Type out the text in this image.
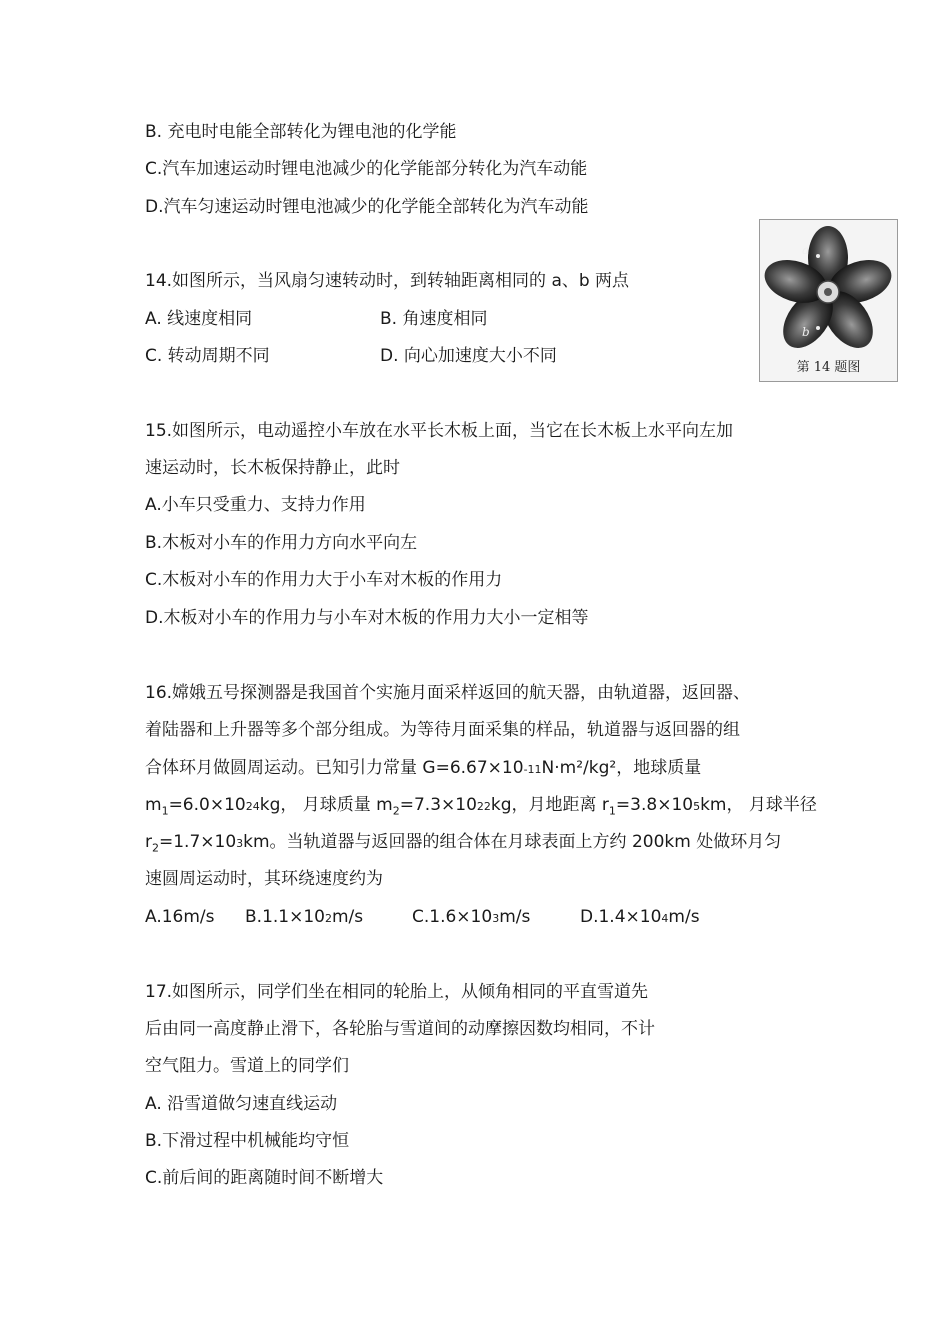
B. 充电时电能全部转化为锂电池的化学能
C.汽车加速运动时锂电池减少的化学能部分转化为汽车动能
D.汽车匀速运动时锂电池减少的化学能全部转化为汽车动能
14.如图所示，当风扇匀速转动时，到转轴距离相同的 a、b 两点
A. 线速度相同	B. 角速度相同
C. 转动周期不同	D. 向心加速度大小不同
a
b
第 14 题图
15.如图所示，电动遥控小车放在水平长木板上面，当它在长木板上水平向左加
速运动时，长木板保持静止，此时
A.小车只受重力、支持力作用
B.木板对小车的作用力方向水平向左
C.木板对小车的作用力大于小车对木板的作用力
D.木板对小车的作用力与小车对木板的作用力大小一定相等
16.嫦娥五号探测器是我国首个实施月面采样返回的航天器，由轨道器，返回器、
着陆器和上升器等多个部分组成。为等待月面采集的样品，轨道器与返回器的组
合体环月做圆周运动。已知引力常量 G=6.67×10-11N·m²/kg²，地球质量
$m_1=6.0\times 1024kg$， 月球质量 $m_2=7.3\times 1022kg$，月地距离 $r_1=3.8\times 105km$， 月球半径
$r_2=1.7\times 103km$。当轨道器与返回器的组合体在月球表面上方约 200km 处做环月匀
速圆周运动时，其环绕速度约为
A.16m/s B.1.1×102m/s	C.1.6×103m/s	D.1.4×104m/s
17.如图所示，同学们坐在相同的轮胎上，从倾角相同的平直雪道先
后由同一高度静止滑下，各轮胎与雪道间的动摩擦因数均相同，不计
空气阻力。雪道上的同学们
A. 沿雪道做匀速直线运动
B.下滑过程中机械能均守恒
C.前后间的距离随时间不断增大
